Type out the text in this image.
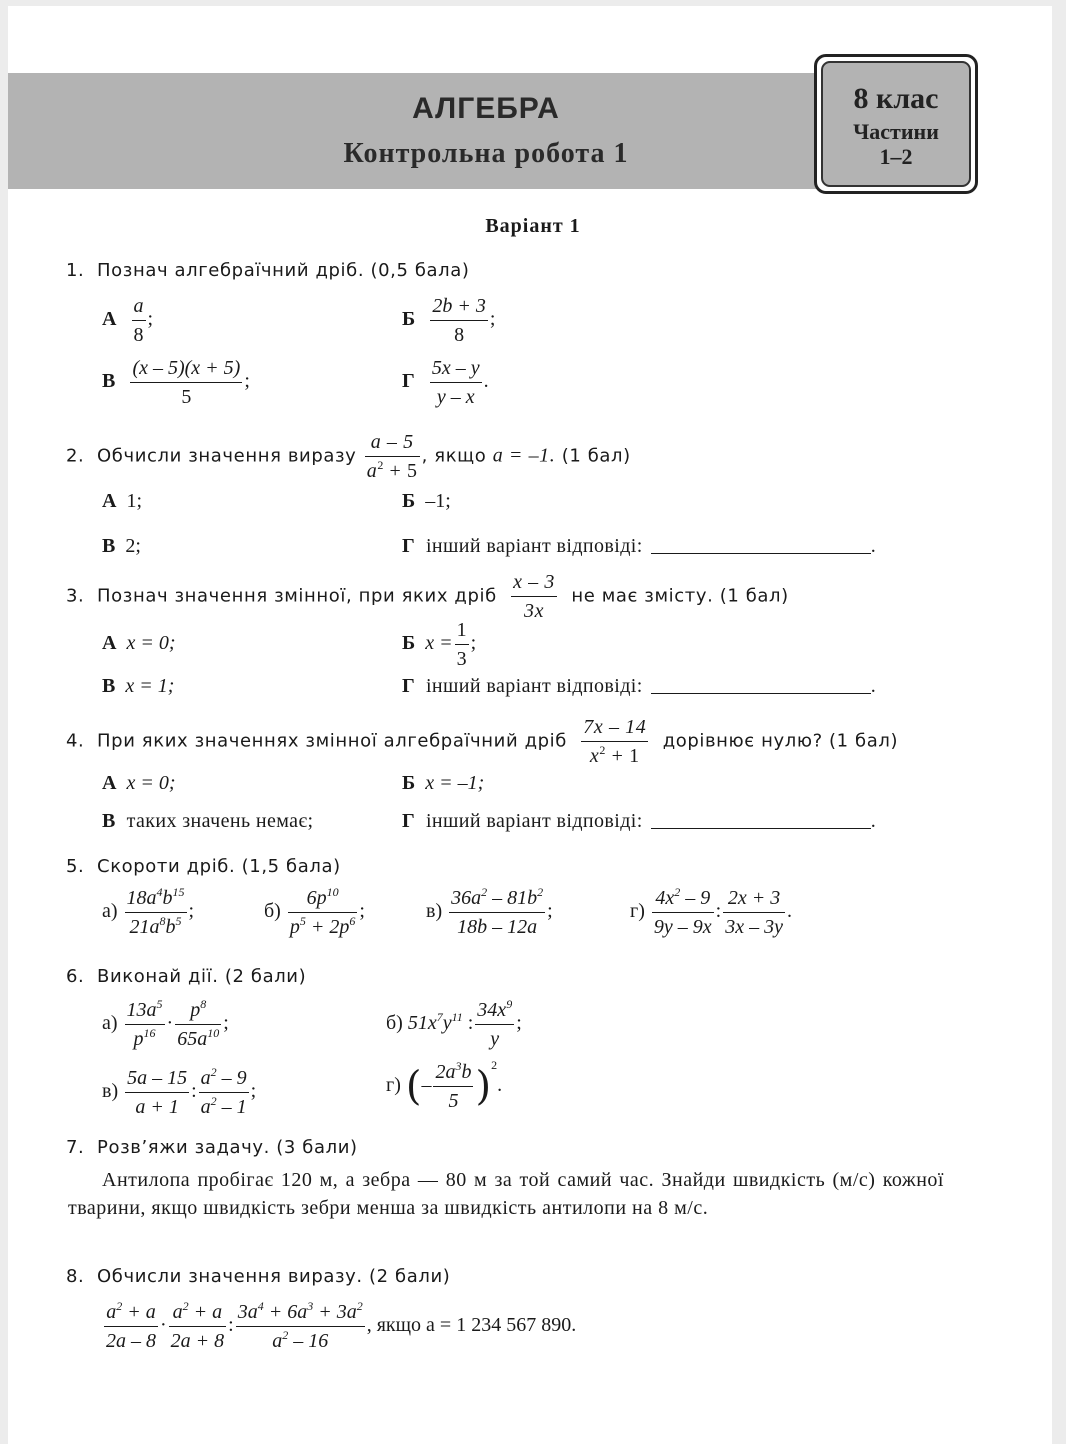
АЛГЕБРА
Контрольна робота 1
8 клас
Частини
1–2
Варіант 1
1. Познач алгебраїчний дріб. (0,5 бала)
А $\frac{a}{8}$ ;	Б $\frac{2b + 3}{8}$ ;
В $\frac{(x - 5)(x + 5)}{5}$ ;	Г $\frac{5x - y}{y - x}$ .
2. Обчисли значення виразу $\frac{a - 5}{a^2 + 5}$ , якщо a = –1. (1 бал)
А 1;	Б –1;
В 2;	Г інший варіант відповіді:	.
3. Познач значення змінної, при яких дріб $\frac{x - 3}{3x}$ не має змісту. (1 бал)
А x = 0;	Б $x = \frac{1}{3}$ ;
В x = 1;	Г інший варіант відповіді:	.
4. При яких значеннях змінної алгебраїчний дріб $\frac{7x - 14}{x^2 + 1}$ дорівнює нулю? (1 бал)
А x = 0;	Б x = –1;
В таких значень немає;	Г інший варіант відповіді:	.
5. Скороти дріб. (1,5 бала)
$а) \frac{18a^4b^{15}}{21a^8b^5}$ ;	$б) \frac{6p^{10}}{p^5 + 2p^6}$ ;	$в) \frac{36a^2 - 81b^2}{18b - 12a}$ ;	$г) \frac{4x^2 - 9}{9y - 9x}$ : $\frac{2x + 3}{3x - 3y}$ .
6. Виконай дії. (2 бали)
$а) \frac{13a^5}{p^{16}} \cdot \frac{p^8}{65a^{10}}$ ;	б) $51x^7y^{11}$ : $\frac{34x^9}{y}$ ;
$в) \frac{5a - 15}{a + 1}$ : $\frac{a^2 - 9}{a^2 - 1}$ ;	г) (– $\frac{2a^3b}{5} )^2$.
7. Розв’яжи задачу. (3 бали)
Антилопа пробігає 120 м, а зебра — 80 м за той самий час. Знайди швидкість (м/с) кожної тварини, якщо швидкість зебри менша за швидкість антилопи на 8 м/с.
8. Обчисли значення виразу. (2 бали)
$\frac{a^2 + a}{2a - 8} \cdot \frac{a^2 + a}{2a + 8}$ : $\frac{3a^4 + 6a^3 + 3a^2}{a^2 - 16}$ , якщо a = 1 234 567 890.
